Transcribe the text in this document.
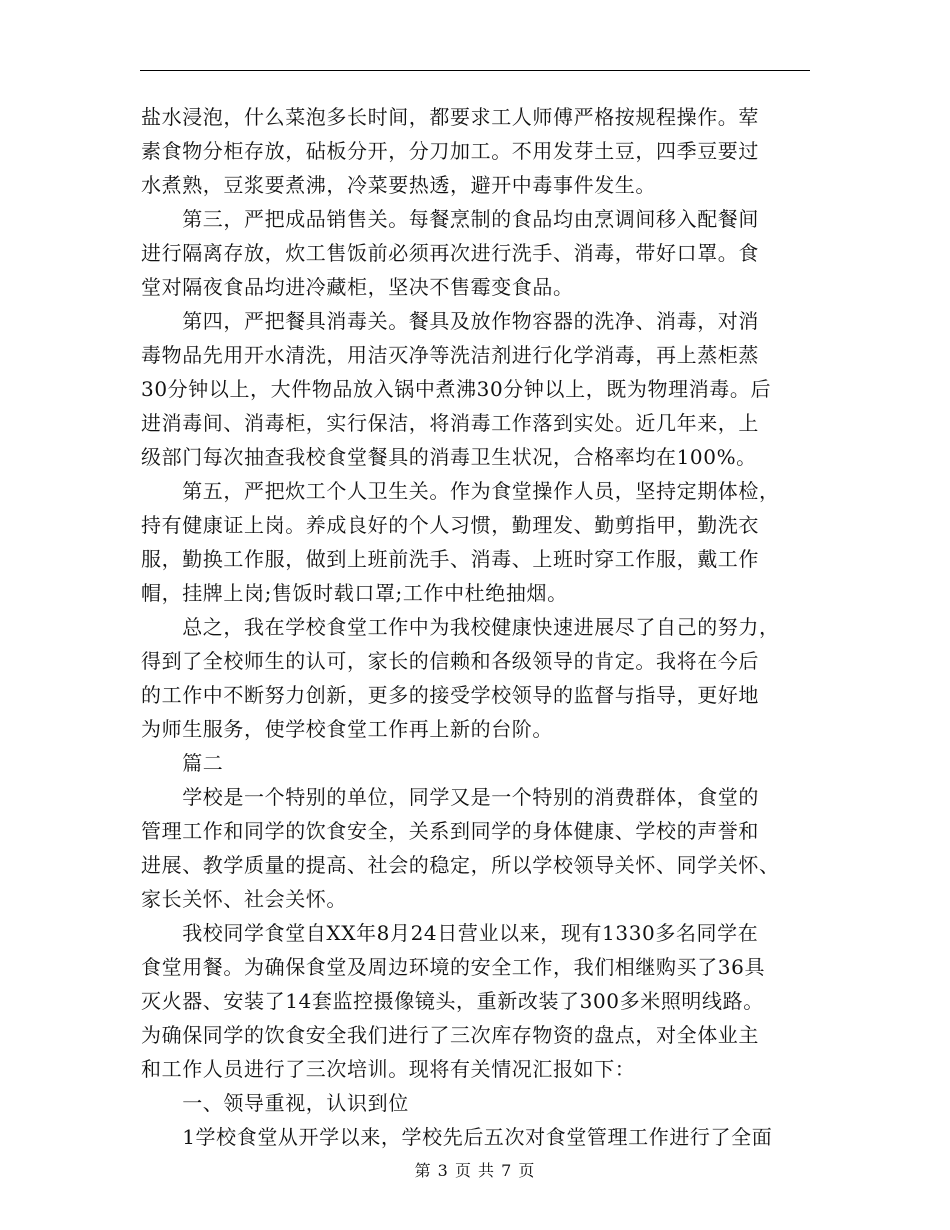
盐水浸泡，什么菜泡多长时间，都要求工人师傅严格按规程操作。荤
素食物分柜存放，砧板分开，分刀加工。不用发芽土豆，四季豆要过
水煮熟，豆浆要煮沸，冷菜要热透，避开中毒事件发生。
　　第三，严把成品销售关。每餐烹制的食品均由烹调间移入配餐间
进行隔离存放，炊工售饭前必须再次进行洗手、消毒，带好口罩。食
堂对隔夜食品均进冷藏柜，坚决不售霉变食品。
　　第四，严把餐具消毒关。餐具及放作物容器的洗净、消毒，对消
毒物品先用开水清洗，用洁灭净等洗洁剂进行化学消毒，再上蒸柜蒸
30分钟以上，大件物品放入锅中煮沸30分钟以上，既为物理消毒。后
进消毒间、消毒柜，实行保洁，将消毒工作落到实处。近几年来，上
级部门每次抽查我校食堂餐具的消毒卫生状况，合格率均在100%。
　　第五，严把炊工个人卫生关。作为食堂操作人员，坚持定期体检，
持有健康证上岗。养成良好的个人习惯，勤理发、勤剪指甲，勤洗衣
服，勤换工作服，做到上班前洗手、消毒、上班时穿工作服，戴工作
帽，挂牌上岗;售饭时载口罩;工作中杜绝抽烟。
　　总之，我在学校食堂工作中为我校健康快速进展尽了自己的努力，
得到了全校师生的认可，家长的信赖和各级领导的肯定。我将在今后
的工作中不断努力创新，更多的接受学校领导的监督与指导，更好地
为师生服务，使学校食堂工作再上新的台阶。
　　篇二
　　学校是一个特别的单位，同学又是一个特别的消费群体，食堂的
管理工作和同学的饮食安全，关系到同学的身体健康、学校的声誉和
进展、教学质量的提高、社会的稳定，所以学校领导关怀、同学关怀、
家长关怀、社会关怀。
　　我校同学食堂自XX年8月24日营业以来，现有1330多名同学在
食堂用餐。为确保食堂及周边环境的安全工作，我们相继购买了36具
灭火器、安装了14套监控摄像镜头，重新改装了300多米照明线路。
为确保同学的饮食安全我们进行了三次库存物资的盘点，对全体业主
和工作人员进行了三次培训。现将有关情况汇报如下：
　　一、领导重视，认识到位
　　1学校食堂从开学以来，学校先后五次对食堂管理工作进行了全面
第 3 页 共 7 页
